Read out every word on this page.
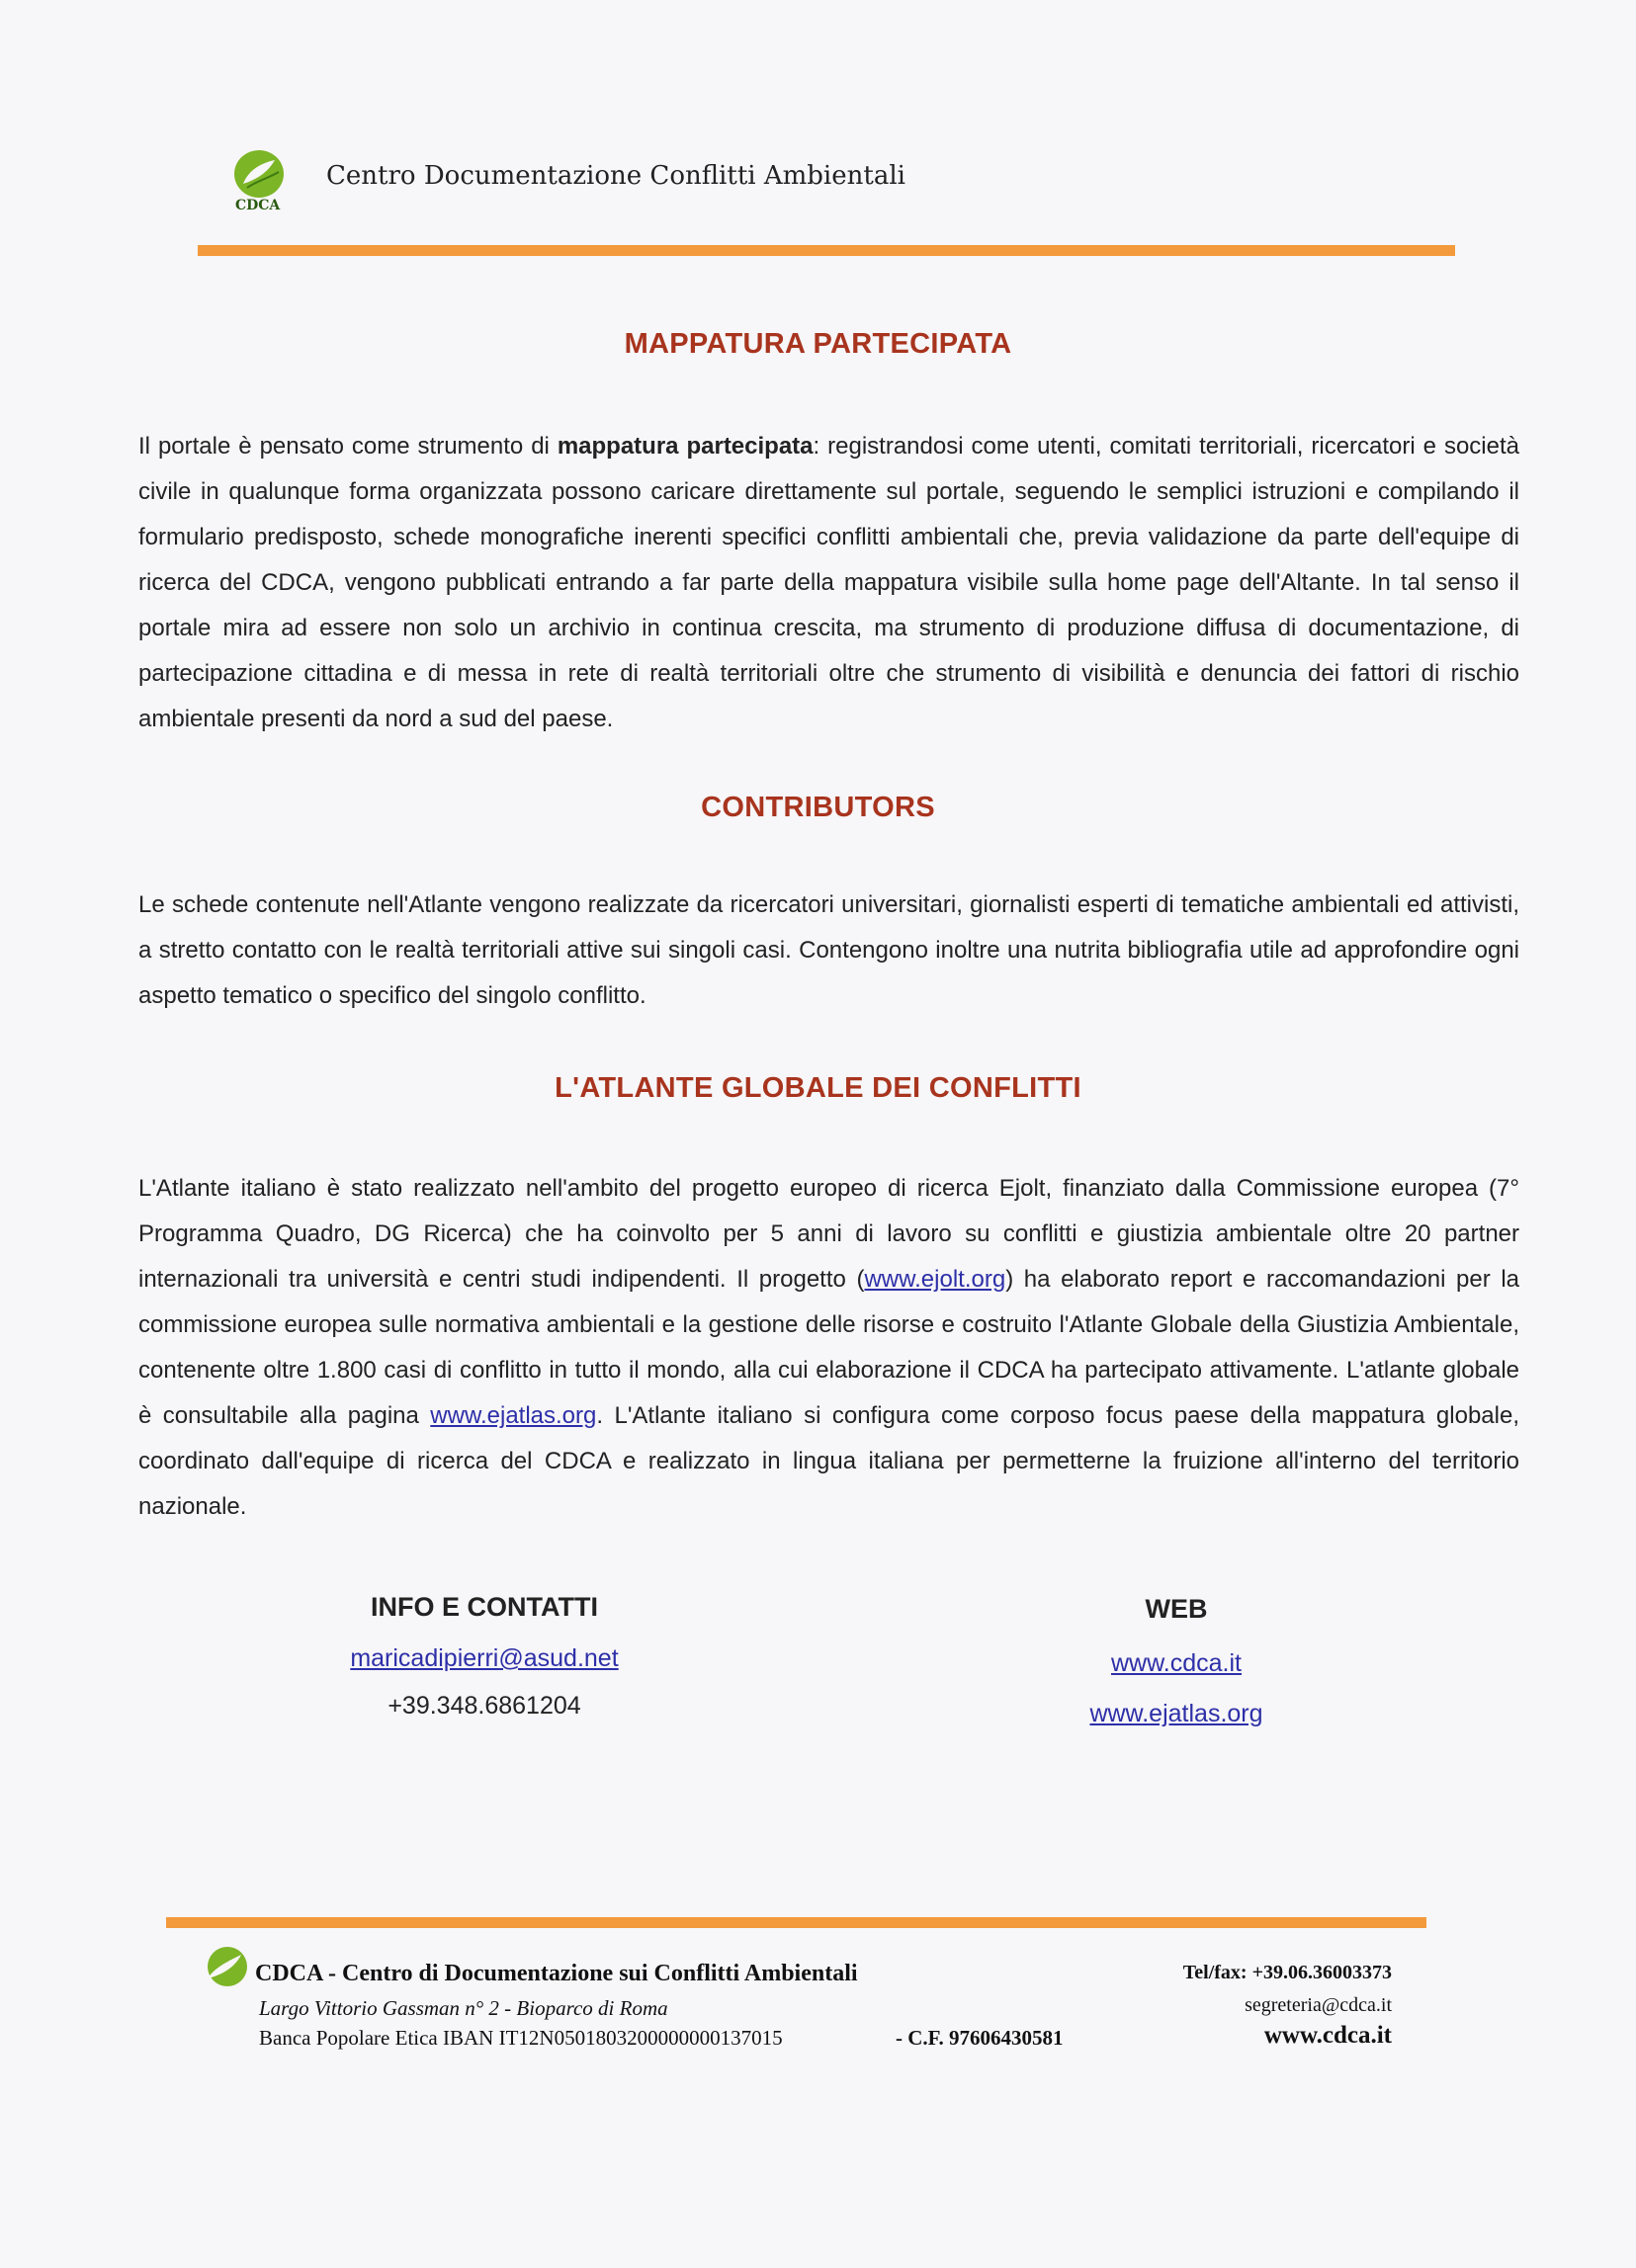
CDCA
Centro Documentazione Conflitti Ambientali
MAPPATURA PARTECIPATA
Il portale è pensato come strumento di mappatura partecipata: registrandosi come utenti, comitati territoriali, ricercatori e società civile in qualunque forma organizzata possono caricare direttamente sul portale, seguendo le semplici istruzioni e compilando il formulario predisposto, schede monografiche inerenti specifici conflitti ambientali che, previa validazione da parte dell'equipe di ricerca del CDCA, vengono pubblicati entrando a far parte della mappatura visibile sulla home page dell'Altante. In tal senso il portale mira ad essere non solo un archivio in continua crescita, ma strumento di produzione diffusa di documentazione, di partecipazione cittadina e di messa in rete di realtà territoriali oltre che strumento di visibilità e denuncia dei fattori di rischio ambientale presenti da nord a sud del paese.
CONTRIBUTORS
Le schede contenute nell'Atlante vengono realizzate da ricercatori universitari, giornalisti esperti di tematiche ambientali ed attivisti, a stretto contatto con le realtà territoriali attive sui singoli casi. Contengono inoltre una nutrita bibliografia utile ad approfondire ogni aspetto tematico o specifico del singolo conflitto.
L'ATLANTE GLOBALE DEI CONFLITTI
L'Atlante italiano è stato realizzato nell'ambito del progetto europeo di ricerca Ejolt, finanziato dalla Commissione europea (7° Programma Quadro, DG Ricerca) che ha coinvolto per 5 anni di lavoro su conflitti e giustizia ambientale oltre 20 partner internazionali tra università e centri studi indipendenti. Il progetto (www.ejolt.org) ha elaborato report e raccomandazioni per la commissione europea sulle normativa ambientali e la gestione delle risorse e costruito l'Atlante Globale della Giustizia Ambientale, contenente oltre 1.800 casi di conflitto in tutto il mondo, alla cui elaborazione il CDCA ha partecipato attivamente. L'atlante globale è consultabile alla pagina www.ejatlas.org. L'Atlante italiano si configura come corposo focus paese della mappatura globale, coordinato dall'equipe di ricerca del CDCA e realizzato in lingua italiana per permetterne la fruizione all'interno del territorio nazionale.
INFO E CONTATTI
maricadipierri@asud.net
+39.348.6861204
WEB
www.cdca.it
www.ejatlas.org
CDCA - Centro di Documentazione sui Conflitti Ambientali
Largo Vittorio Gassman n° 2 - Bioparco di Roma
Banca Popolare Etica IBAN IT12N0501803200000000137015	- C.F. 97606430581
Tel/fax: +39.06.36003373
segreteria@cdca.it
www.cdca.it
